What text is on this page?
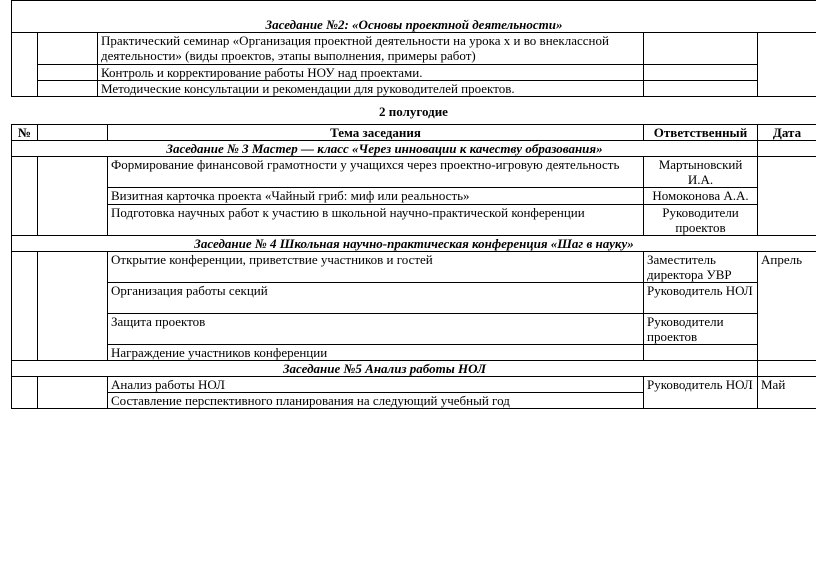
Заседание №2: «Основы проектной деятельности»				
		Практический семинар «Организация проектной деятельности на урока х и во внеклассной деятельности» (виды проектов, этапы выполнения, примеры работ)		
		Контроль и корректирование работы НОУ над проектами.		
		Методические консультации и рекомендации для руководителей проектов.		
2 полугодие
№		Тема заседания	Ответственный	Дата
Заседание № 3 Мастер — класс «Через инновации к качеству образования»				
		Формирование финансовой грамотности у учащихся через проектно-игровую деятельность	Мартыновский И.А.	
		Визитная карточка проекта «Чайный гриб: миф или реальность»	Номоконова А.А.	
		Подготовка научных работ к участию в школьной научно-практической конференции	Руководители проектов	
Заседание № 4 Школьная научно-практическая конференция «Шаг в науку»				
		Открытие конференции, приветствие участников и гостей	Заместитель директора УВР	Апрель
		Организация работы секций	Руководитель НОЛ	
		Защита проектов	Руководители проектов	
		Награждение участников конференции		
Заседание №5 Анализ работы НОЛ				
		Анализ работы НОЛ	Руководитель НОЛ	Май
		Составление перспективного планирования на следующий учебный год		
